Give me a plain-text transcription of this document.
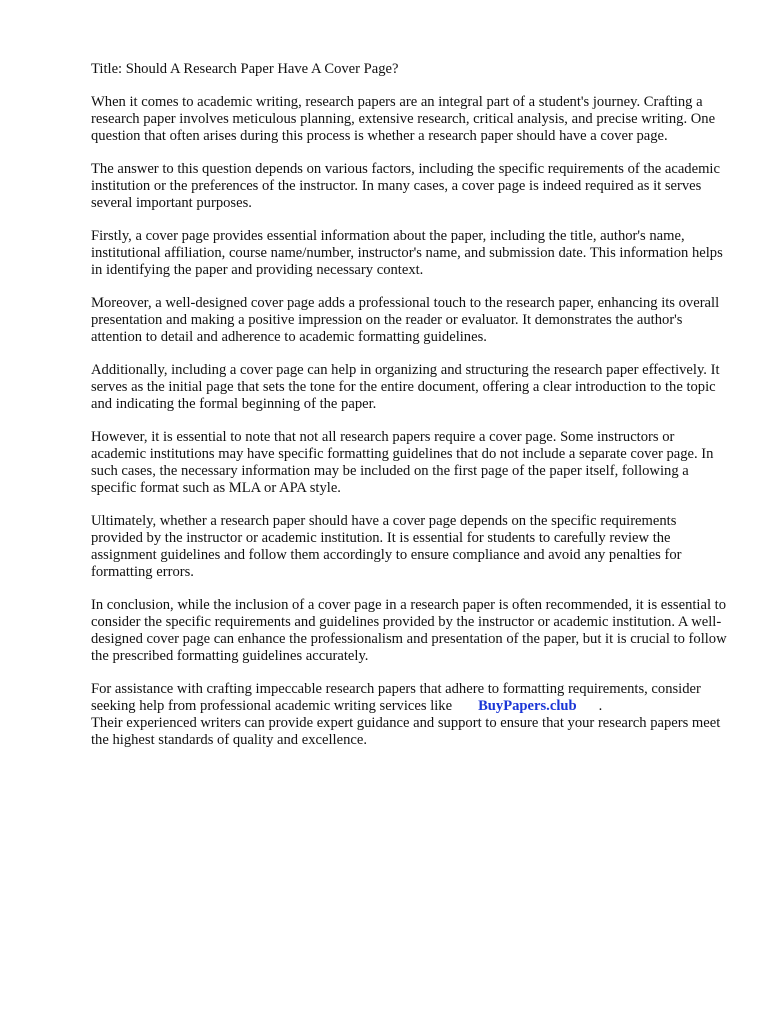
Title: Should A Research Paper Have A Cover Page?

When it comes to academic writing, research papers are an integral part of a student's journey. Crafting a research paper involves meticulous planning, extensive research, critical analysis, and precise writing. One question that often arises during this process is whether a research paper should have a cover page.

The answer to this question depends on various factors, including the specific requirements of the academic institution or the preferences of the instructor. In many cases, a cover page is indeed required as it serves several important purposes.

Firstly, a cover page provides essential information about the paper, including the title, author's name, institutional affiliation, course name/number, instructor's name, and submission date. This information helps in identifying the paper and providing necessary context.

Moreover, a well-designed cover page adds a professional touch to the research paper, enhancing its overall presentation and making a positive impression on the reader or evaluator. It demonstrates the author's attention to detail and adherence to academic formatting guidelines.

Additionally, including a cover page can help in organizing and structuring the research paper effectively. It serves as the initial page that sets the tone for the entire document, offering a clear introduction to the topic and indicating the formal beginning of the paper.

However, it is essential to note that not all research papers require a cover page. Some instructors or academic institutions may have specific formatting guidelines that do not include a separate cover page. In such cases, the necessary information may be included on the first page of the paper itself, following a specific format such as MLA or APA style.

Ultimately, whether a research paper should have a cover page depends on the specific requirements provided by the instructor or academic institution. It is essential for students to carefully review the assignment guidelines and follow them accordingly to ensure compliance and avoid any penalties for formatting errors.

In conclusion, while the inclusion of a cover page in a research paper is often recommended, it is essential to consider the specific requirements and guidelines provided by the instructor or academic institution. A well-designed cover page can enhance the professionalism and presentation of the paper, but it is crucial to follow the prescribed formatting guidelines accurately.

For assistance with crafting impeccable research papers that adhere to formatting requirements, consider seeking help from professional academic writing services like BuyPapers.club .
Their experienced writers can provide expert guidance and support to ensure that your research papers meet the highest standards of quality and excellence.
